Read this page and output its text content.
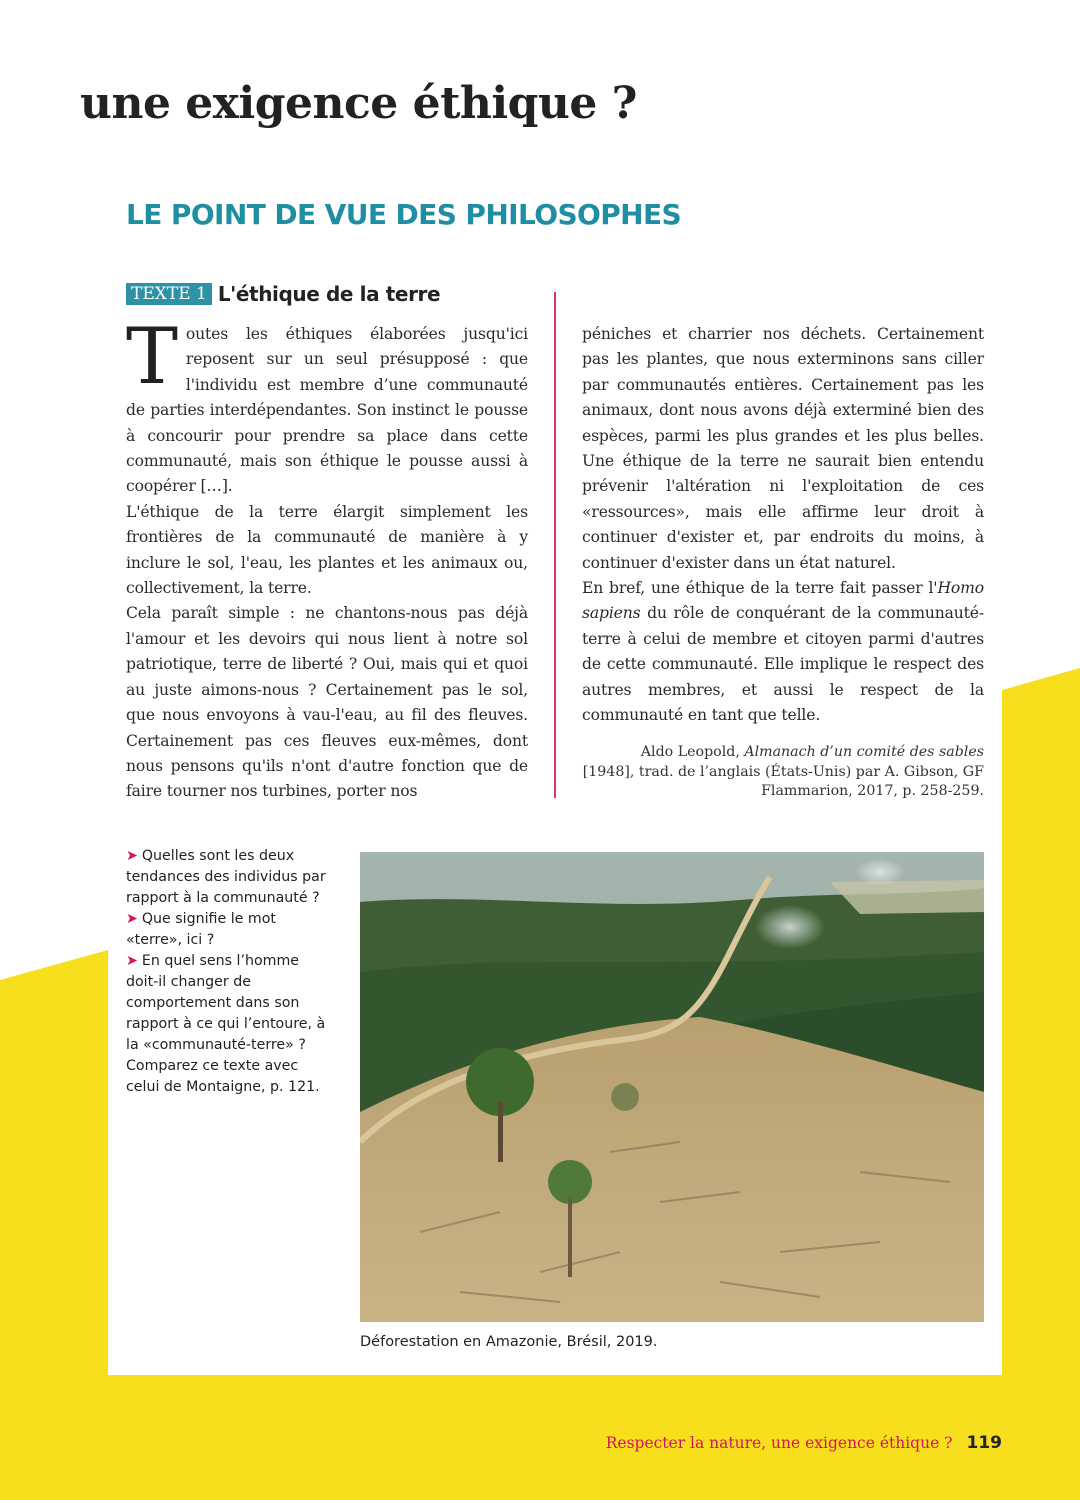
une exigence éthique ?
LE POINT DE VUE DES PHILOSOPHES
TEXTE 1 L'éthique de la terre

Toutes les éthiques élaborées jusqu'ici reposent sur un seul présupposé : que l'individu est membre d’une communauté de parties interdépendantes. Son instinct le pousse à concourir pour prendre sa place dans cette communauté, mais son éthique le pousse aussi à coopérer […].

L'éthique de la terre élargit simplement les frontières de la communauté de manière à y inclure le sol, l'eau, les plantes et les animaux ou, collectivement, la terre.

Cela paraît simple : ne chantons-nous pas déjà l'amour et les devoirs qui nous lient à notre sol patriotique, terre de liberté ? Oui, mais qui et quoi au juste aimons-nous ? Certainement pas le sol, que nous envoyons à vau-l'eau, au fil des fleuves. Certainement pas ces fleuves eux-mêmes, dont nous pensons qu'ils n'ont d'autre fonction que de faire tourner nos turbines, porter nos

péniches et charrier nos déchets. Certainement pas les plantes, que nous exterminons sans ciller par communautés entières. Certainement pas les animaux, dont nous avons déjà exterminé bien des espèces, parmi les plus grandes et les plus belles. Une éthique de la terre ne saurait bien entendu prévenir l'altération ni l'exploitation de ces «ressources», mais elle affirme leur droit à continuer d'exister et, par endroits du moins, à continuer d'exister dans un état naturel.

En bref, une éthique de la terre fait passer l'Homo sapiens du rôle de conquérant de la communauté-terre à celui de membre et citoyen parmi d'autres de cette communauté. Elle implique le respect des autres membres, et aussi le respect de la communauté en tant que telle.

Aldo Leopold, Almanach d’un comité des sables
[1948], trad. de l’anglais (États-Unis) par A. Gibson, GF Flammarion, 2017, p. 258-259.

➤ Quelles sont les deux tendances des individus par rapport à la communauté ?

➤ Que signifie le mot «terre», ici ?

➤ En quel sens l’homme doit-il changer de comportement dans son rapport à ce qui l’entoure, à la «communauté-terre» ? Comparez ce texte avec celui de Montaigne, p. 121.

Déforestation en Amazonie, Brésil, 2019.
Respecter la nature, une exigence éthique ? 119
